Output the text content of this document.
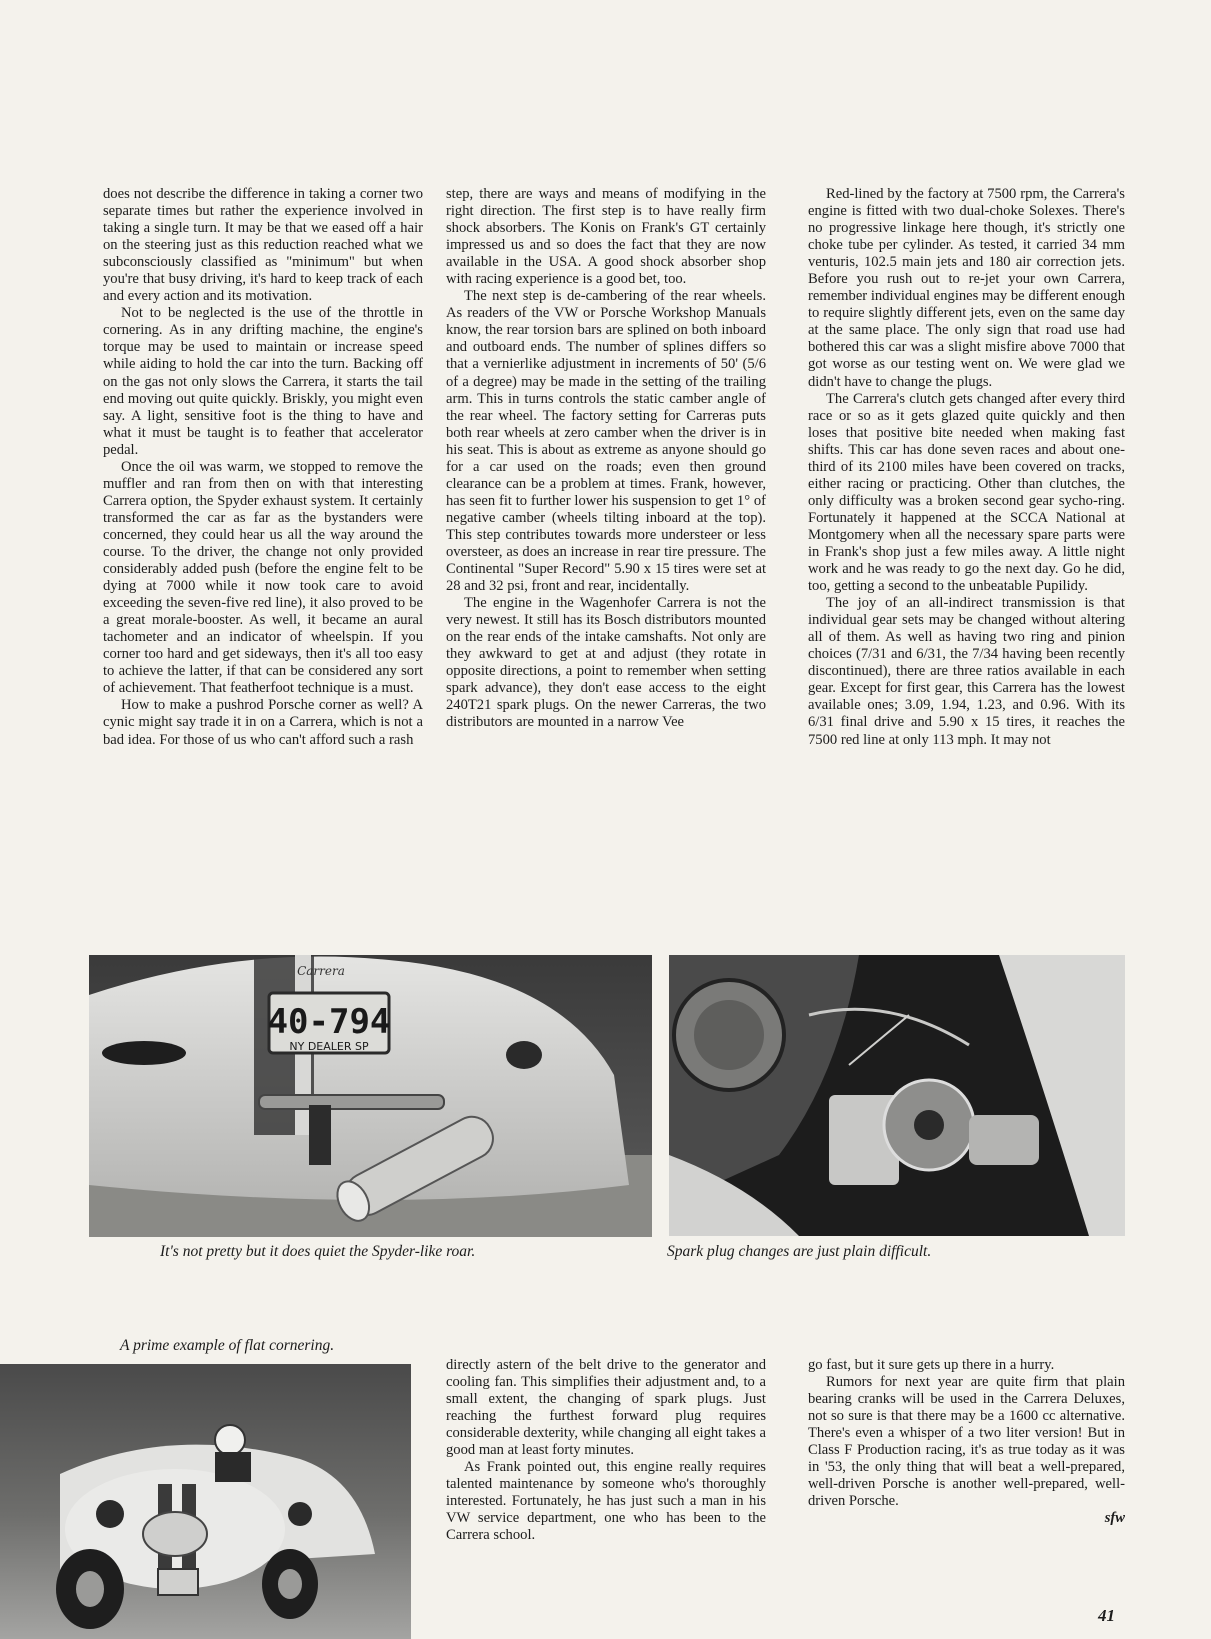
does not describe the difference in taking a corner two separate times but rather the experience involved in taking a single turn. It may be that we eased off a hair on the steering just as this reduction reached what we subconsciously classified as "minimum" but when you're that busy driving, it's hard to keep track of each and every action and its motivation.

Not to be neglected is the use of the throttle in cornering. As in any drifting machine, the engine's torque may be used to maintain or increase speed while aiding to hold the car into the turn. Backing off on the gas not only slows the Carrera, it starts the tail end moving out quite quickly. Briskly, you might even say. A light, sensitive foot is the thing to have and what it must be taught is to feather that accelerator pedal.

Once the oil was warm, we stopped to remove the muffler and ran from then on with that interesting Carrera option, the Spyder exhaust system. It certainly transformed the car as far as the bystanders were concerned, they could hear us all the way around the course. To the driver, the change not only provided considerably added push (before the engine felt to be dying at 7000 while it now took care to avoid exceeding the seven-five red line), it also proved to be a great morale-booster. As well, it became an aural tachometer and an indicator of wheelspin. If you corner too hard and get sideways, then it's all too easy to achieve the latter, if that can be considered any sort of achievement. That featherfoot technique is a must.

How to make a pushrod Porsche corner as well? A cynic might say trade it in on a Carrera, which is not a bad idea. For those of us who can't afford such a rash

step, there are ways and means of modifying in the right direction. The first step is to have really firm shock absorbers. The Konis on Frank's GT certainly impressed us and so does the fact that they are now available in the USA. A good shock absorber shop with racing experience is a good bet, too.

The next step is de-cambering of the rear wheels. As readers of the VW or Porsche Workshop Manuals know, the rear torsion bars are splined on both inboard and outboard ends. The number of splines differs so that a vernierlike adjustment in increments of 50' (5/6 of a degree) may be made in the setting of the trailing arm. This in turns controls the static camber angle of the rear wheel. The factory setting for Carreras puts both rear wheels at zero camber when the driver is in his seat. This is about as extreme as anyone should go for a car used on the roads; even then ground clearance can be a problem at times. Frank, however, has seen fit to further lower his suspension to get 1° of negative camber (wheels tilting inboard at the top). This step contributes towards more understeer or less oversteer, as does an increase in rear tire pressure. The Continental "Super Record" 5.90 x 15 tires were set at 28 and 32 psi, front and rear, incidentally.

The engine in the Wagenhofer Carrera is not the very newest. It still has its Bosch distributors mounted on the rear ends of the intake camshafts. Not only are they awkward to get at and adjust (they rotate in opposite directions, a point to remember when setting spark advance), they don't ease access to the eight 240T21 spark plugs. On the newer Carreras, the two distributors are mounted in a narrow Vee

Red-lined by the factory at 7500 rpm, the Carrera's engine is fitted with two dual-choke Solexes. There's no progressive linkage here though, it's strictly one choke tube per cylinder. As tested, it carried 34 mm venturis, 102.5 main jets and 180 air correction jets. Before you rush out to re-jet your own Carrera, remember individual engines may be different enough to require slightly different jets, even on the same day at the same place. The only sign that road use had bothered this car was a slight misfire above 7000 that got worse as our testing went on. We were glad we didn't have to change the plugs.

The Carrera's clutch gets changed after every third race or so as it gets glazed quite quickly and then loses that positive bite needed when making fast shifts. This car has done seven races and about one-third of its 2100 miles have been covered on tracks, either racing or practicing. Other than clutches, the only difficulty was a broken second gear sycho-ring. Fortunately it happened at the SCCA National at Montgomery when all the necessary spare parts were in Frank's shop just a few miles away. A little night work and he was ready to go the next day. Go he did, too, getting a second to the unbeatable Pupilidy.

The joy of an all-indirect transmission is that individual gear sets may be changed without altering all of them. As well as having two ring and pinion choices (7/31 and 6/31, the 7/34 having been recently discontinued), there are three ratios available in each gear. Except for first gear, this Carrera has the lowest available ones; 3.09, 1.94, 1.23, and 0.96. With its 6/31 final drive and 5.90 x 15 tires, it reaches the 7500 red line at only 113 mph. It may not

40-794
NY DEALER SP
Carrera
It's not pretty but it does quiet the Spyder-like roar.	Spark plug changes are just plain difficult.
A prime example of flat cornering.

directly astern of the belt drive to the generator and cooling fan. This simplifies their adjustment and, to a small extent, the changing of spark plugs. Just reaching the furthest forward plug requires considerable dexterity, while changing all eight takes a good man at least forty minutes.

As Frank pointed out, this engine really requires talented maintenance by someone who's thoroughly interested. Fortunately, he has just such a man in his VW service department, one who has been to the Carrera school.

go fast, but it sure gets up there in a hurry.

Rumors for next year are quite firm that plain bearing cranks will be used in the Carrera Deluxes, not so sure is that there may be a 1600 cc alternative. There's even a whisper of a two liter version! But in Class F Production racing, it's as true today as it was in '53, the only thing that will beat a well-prepared, well-driven Porsche is another well-prepared, well-driven Porsche.

sfw
41
